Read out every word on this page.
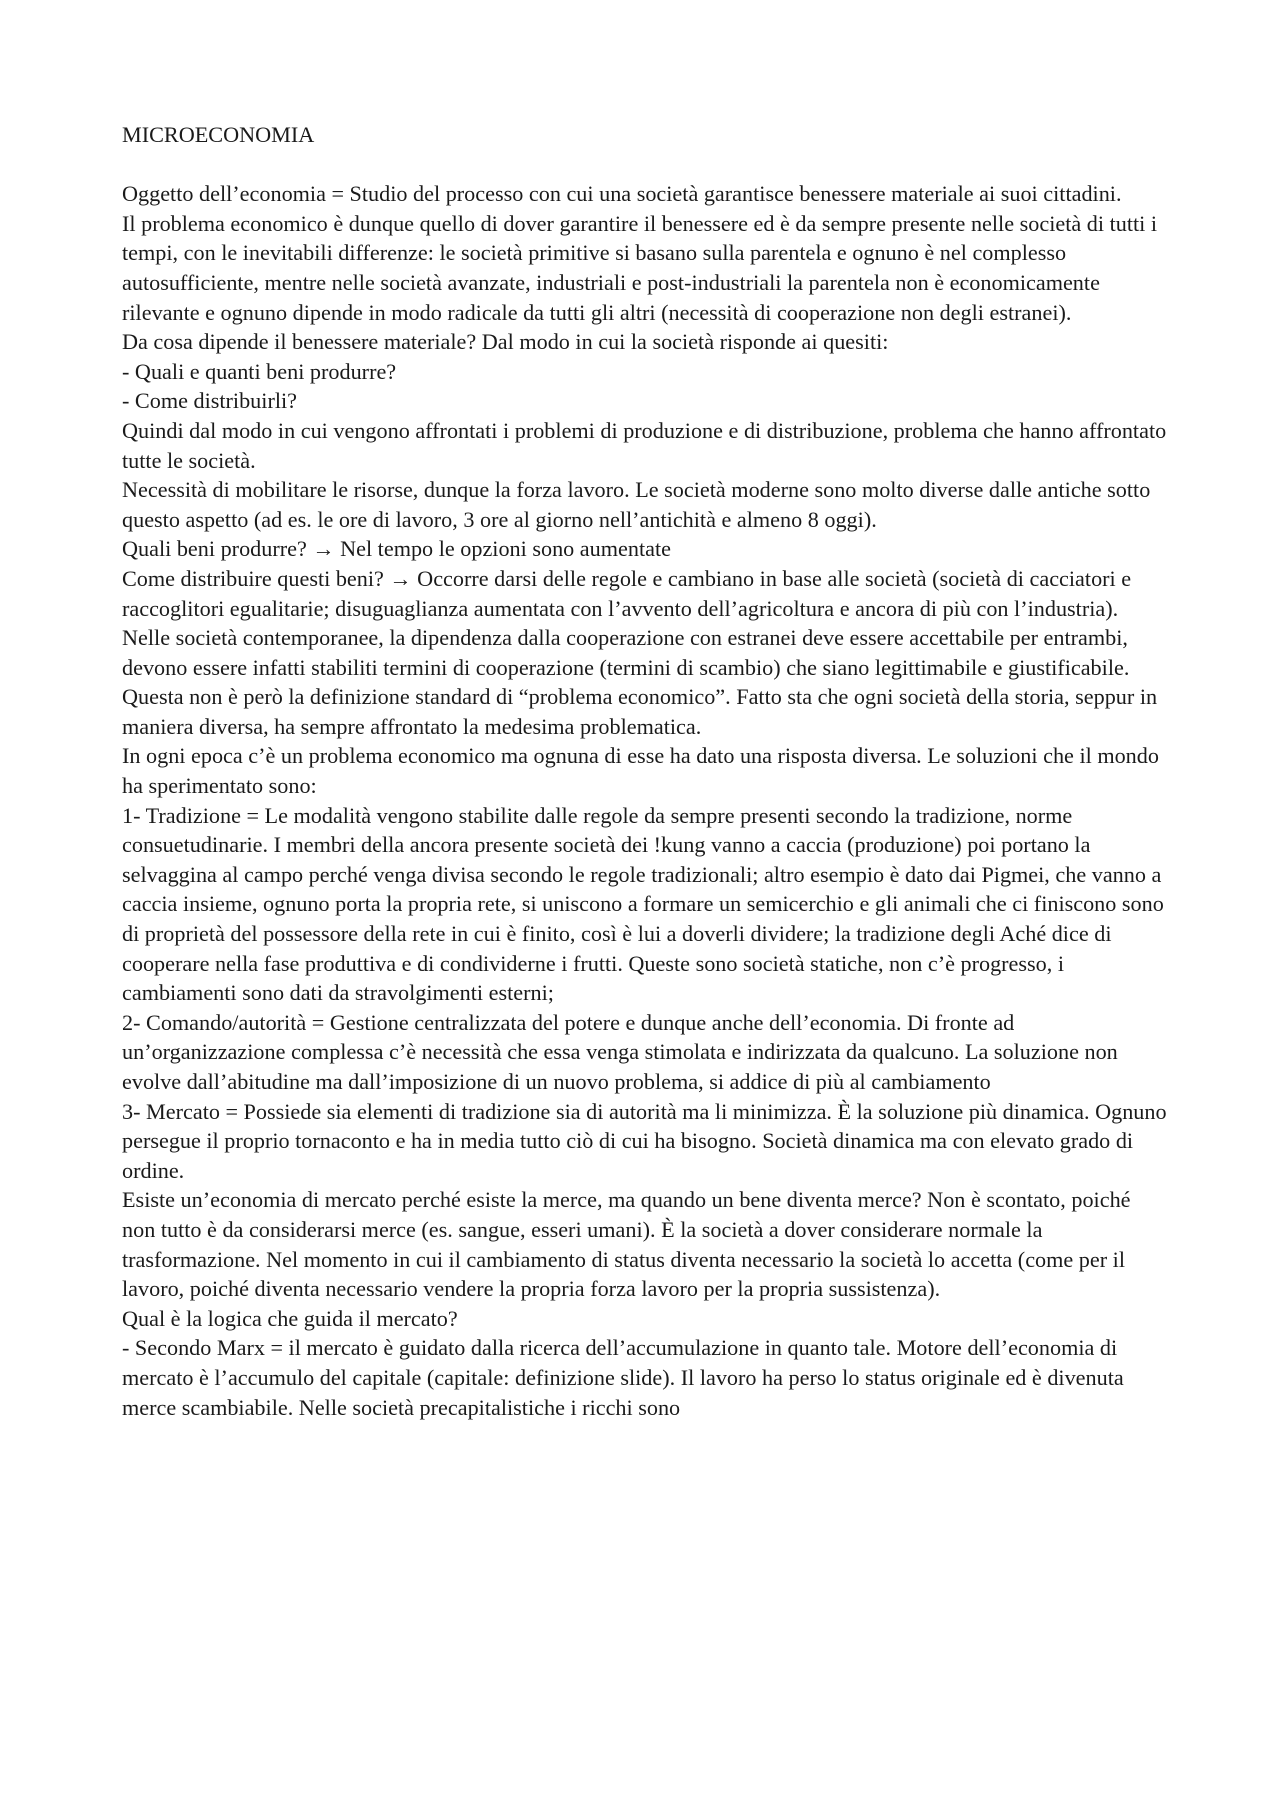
MICROECONOMIA

Oggetto dell’economia = Studio del processo con cui una società garantisce benessere materiale ai suoi cittadini.

Il problema economico è dunque quello di dover garantire il benessere ed è da sempre presente nelle società di tutti i tempi, con le inevitabili differenze: le società primitive si basano sulla parentela e ognuno è nel complesso autosufficiente, mentre nelle società avanzate, industriali e post-industriali la parentela non è economicamente rilevante e ognuno dipende in modo radicale da tutti gli altri (necessità di cooperazione non degli estranei).

Da cosa dipende il benessere materiale? Dal modo in cui la società risponde ai quesiti:

- Quali e quanti beni produrre?

- Come distribuirli?

Quindi dal modo in cui vengono affrontati i problemi di produzione e di distribuzione, problema che hanno affrontato tutte le società.

Necessità di mobilitare le risorse, dunque la forza lavoro. Le società moderne sono molto diverse dalle antiche sotto questo aspetto (ad es. le ore di lavoro, 3 ore al giorno nell’antichità e almeno 8 oggi).

Quali beni produrre? → Nel tempo le opzioni sono aumentate

Come distribuire questi beni? → Occorre darsi delle regole e cambiano in base alle società (società di cacciatori e raccoglitori egualitarie; disuguaglianza aumentata con l’avvento dell’agricoltura e ancora di più con l’industria). Nelle società contemporanee, la dipendenza dalla cooperazione con estranei deve essere accettabile per entrambi, devono essere infatti stabiliti termini di cooperazione (termini di scambio) che siano legittimabile e giustificabile.

Questa non è però la definizione standard di “problema economico”. Fatto sta che ogni società della storia, seppur in maniera diversa, ha sempre affrontato la medesima problematica.

In ogni epoca c’è un problema economico ma ognuna di esse ha dato una risposta diversa. Le soluzioni che il mondo ha sperimentato sono:

1- Tradizione = Le modalità vengono stabilite dalle regole da sempre presenti secondo la tradizione, norme consuetudinarie. I membri della ancora presente società dei !kung vanno a caccia (produzione) poi portano la selvaggina al campo perché venga divisa secondo le regole tradizionali; altro esempio è dato dai Pigmei, che vanno a caccia insieme, ognuno porta la propria rete, si uniscono a formare un semicerchio e gli animali che ci finiscono sono di proprietà del possessore della rete in cui è finito, così è lui a doverli dividere; la tradizione degli Aché dice di cooperare nella fase produttiva e di condividerne i frutti. Queste sono società statiche, non c’è progresso, i cambiamenti sono dati da stravolgimenti esterni;

2- Comando/autorità = Gestione centralizzata del potere e dunque anche dell’economia. Di fronte ad un’organizzazione complessa c’è necessità che essa venga stimolata e indirizzata da qualcuno. La soluzione non evolve dall’abitudine ma dall’imposizione di un nuovo problema, si addice di più al cambiamento

3- Mercato = Possiede sia elementi di tradizione sia di autorità ma li minimizza. È la soluzione più dinamica. Ognuno persegue il proprio tornaconto e ha in media tutto ciò di cui ha bisogno. Società dinamica ma con elevato grado di ordine.

Esiste un’economia di mercato perché esiste la merce, ma quando un bene diventa merce? Non è scontato, poiché non tutto è da considerarsi merce (es. sangue, esseri umani). È la società a dover considerare normale la trasformazione. Nel momento in cui il cambiamento di status diventa necessario la società lo accetta (come per il lavoro, poiché diventa necessario vendere la propria forza lavoro per la propria sussistenza).

Qual è la logica che guida il mercato?

- Secondo Marx = il mercato è guidato dalla ricerca dell’accumulazione in quanto tale. Motore dell’economia di mercato è l’accumulo del capitale (capitale: definizione slide). Il lavoro ha perso lo status originale ed è divenuta merce scambiabile. Nelle società precapitalistiche i ricchi sono
